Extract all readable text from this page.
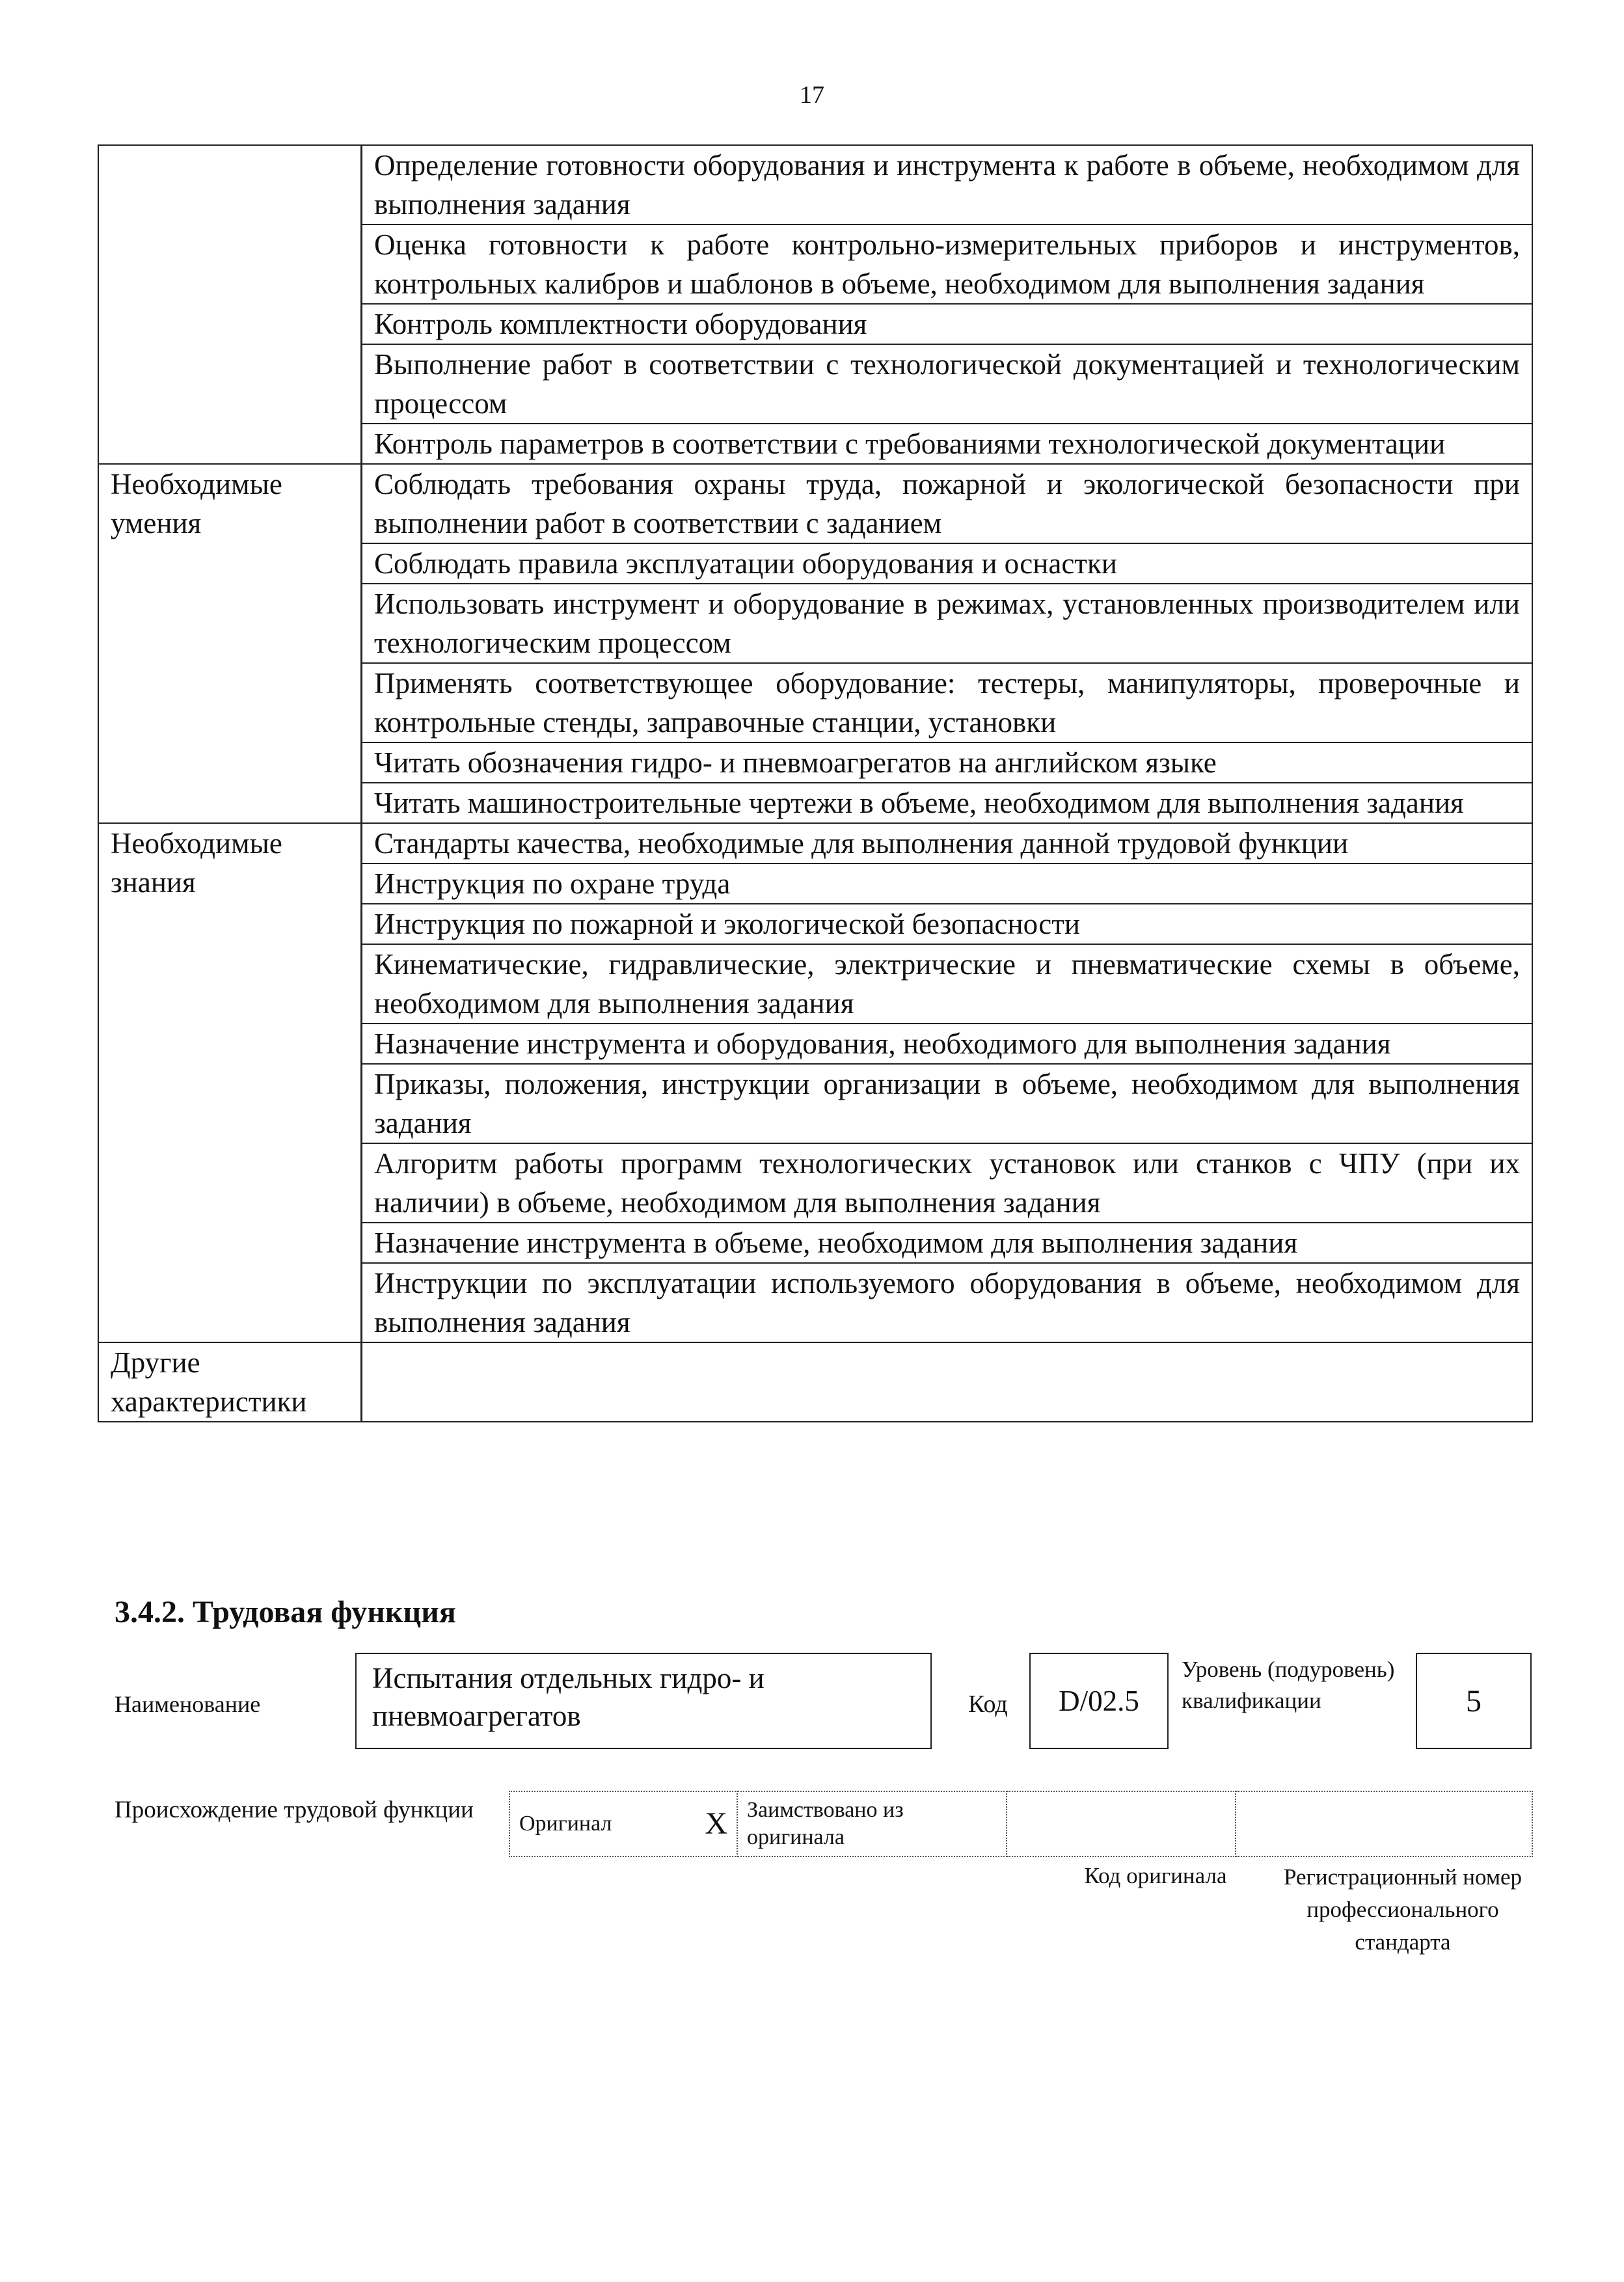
17
	Определение готовности оборудования и инструмента к работе в объеме, необходимом для выполнения задания
	Оценка готовности к работе контрольно-измерительных приборов и инструментов, контрольных калибров и шаблонов в объеме, необходимом для выполнения задания
	Контроль комплектности оборудования
	Выполнение работ в соответствии с технологической документацией и технологическим процессом
	Контроль параметров в соответствии с требованиями технологической документации
Необходимые умения	Соблюдать требования охраны труда, пожарной и экологической безопасности при выполнении работ в соответствии с заданием
	Соблюдать правила эксплуатации оборудования и оснастки
	Использовать инструмент и оборудование в режимах, установленных производителем или технологическим процессом
	Применять соответствующее оборудование: тестеры, манипуляторы, проверочные и контрольные стенды, заправочные станции, установки
	Читать обозначения гидро- и пневмоагрегатов на английском языке
	Читать машиностроительные чертежи в объеме, необходимом для выполнения задания
Необходимые знания	Стандарты качества, необходимые для выполнения данной трудовой функции
	Инструкция по охране труда
	Инструкция по пожарной и экологической безопасности
	Кинематические, гидравлические, электрические и пневматические схемы в объеме, необходимом для выполнения задания
	Назначение инструмента и оборудования, необходимого для выполнения задания
	Приказы, положения, инструкции организации в объеме, необходимом для выполнения задания
	Алгоритм работы программ технологических установок или станков с ЧПУ (при их наличии) в объеме, необходимом для выполнения задания
	Назначение инструмента в объеме, необходимом для выполнения задания
	Инструкции по эксплуатации используемого оборудования в объеме, необходимом для выполнения задания
Другие характеристики	
3.4.2. Трудовая функция
Наименование
Испытания отдельных гидро- и пневмоагрегатов	Код	D/02.5
Уровень (подуровень) квалификации	5
Происхождение трудовой функции
Оригинал	X	Заимствовано из оригинала		
Код оригинала	Регистрационный номер профессионального стандарта
